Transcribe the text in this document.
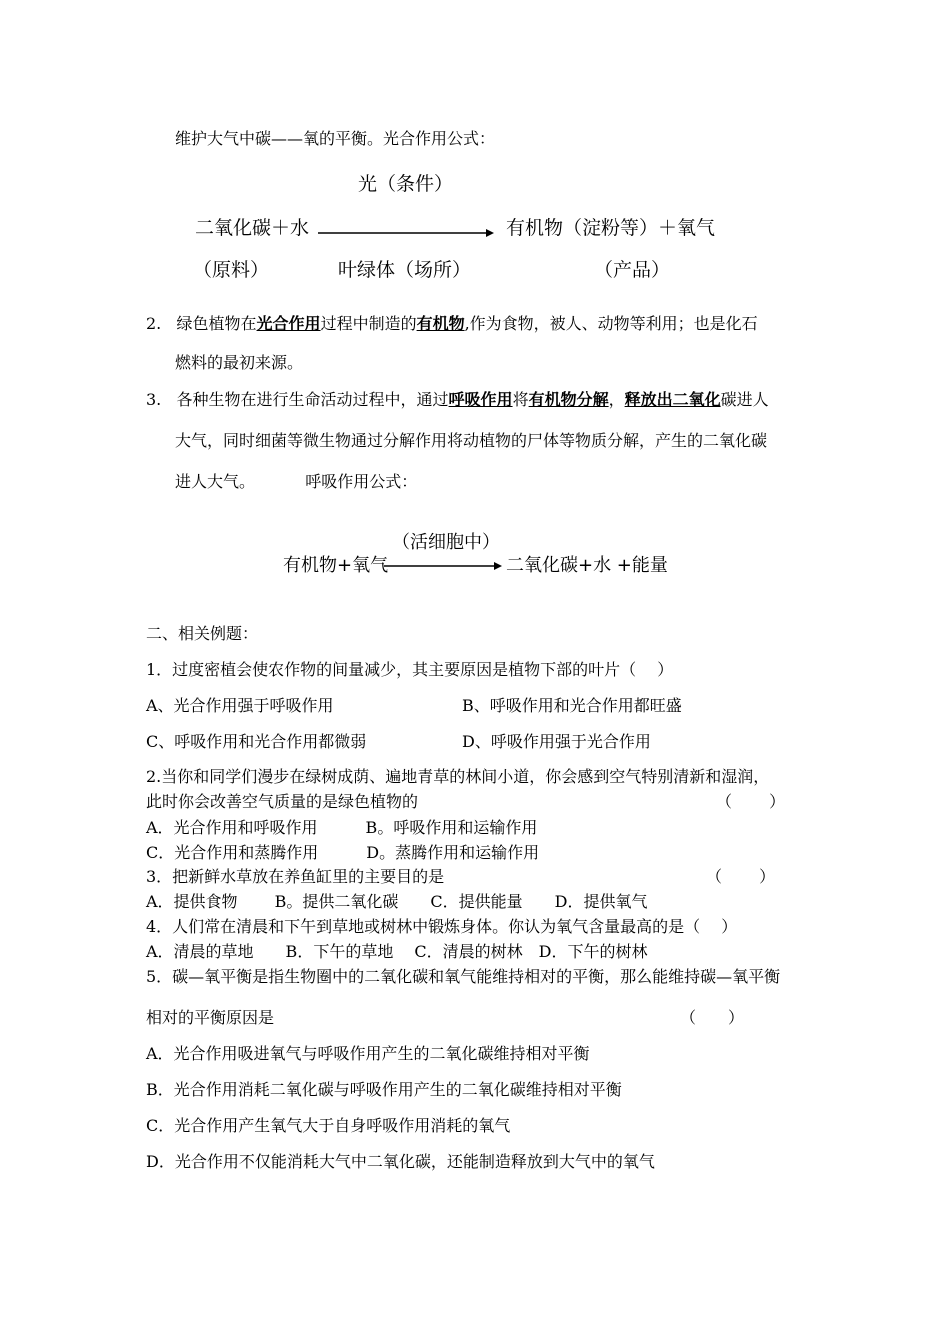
维护大气中碳——氧的平衡。光合作用公式：
光（条件）
二氧化碳＋水	有机物（淀粉等）＋氧气
（原料）	叶绿体（场所）	（产品）
2. 绿色植物在光合作用过程中制造的有机物,作为食物，被人、动物等利用；也是化石
燃料的最初来源。
3. 各种生物在进行生命活动过程中，通过呼吸作用将有机物分解，释放出二氧化碳进人
大气，同时细菌等微生物通过分解作用将动植物的尸体等物质分解，产生的二氧化碳
进人大气。	呼吸作用公式：
（活细胞中）
有机物+氧气	二氧化碳+水 +能量
二、相关例题：
1．过度密植会使农作物的间量减少，其主要原因是植物下部的叶片（　 ）
A、光合作用强于呼吸作用	B、呼吸作用和光合作用都旺盛
C、呼吸作用和光合作用都微弱	D、呼吸作用强于光合作用
2.当你和同学们漫步在绿树成荫、遍地青草的林间小道，你会感到空气特别清新和湿润，
此时你会改善空气质量的是绿色植物的	（　　 ）
A．光合作用和呼吸作用　　　B。呼吸作用和运输作用
C．光合作用和蒸腾作用　　　D。蒸腾作用和运输作用
3．把新鲜水草放在养鱼缸里的主要目的是	（　　 ）
A．提供食物　　 B。提供二氧化碳　　C．提供能量　　D．提供氧气
4．人们常在清晨和下午到草地或树林中锻炼身体。你认为氧气含量最高的是（　 ）
A．清晨的草地　　B．下午的草地　 C．清晨的树林　D．下午的树林
5．碳—氧平衡是指生物圈中的二氧化碳和氧气能维持相对的平衡，那么能维持碳—氧平衡
相对的平衡原因是	（　　）
A．光合作用吸进氧气与呼吸作用产生的二氧化碳维持相对平衡
B．光合作用消耗二氧化碳与呼吸作用产生的二氧化碳维持相对平衡
C．光合作用产生氧气大于自身呼吸作用消耗的氧气
D．光合作用不仅能消耗大气中二氧化碳，还能制造释放到大气中的氧气
